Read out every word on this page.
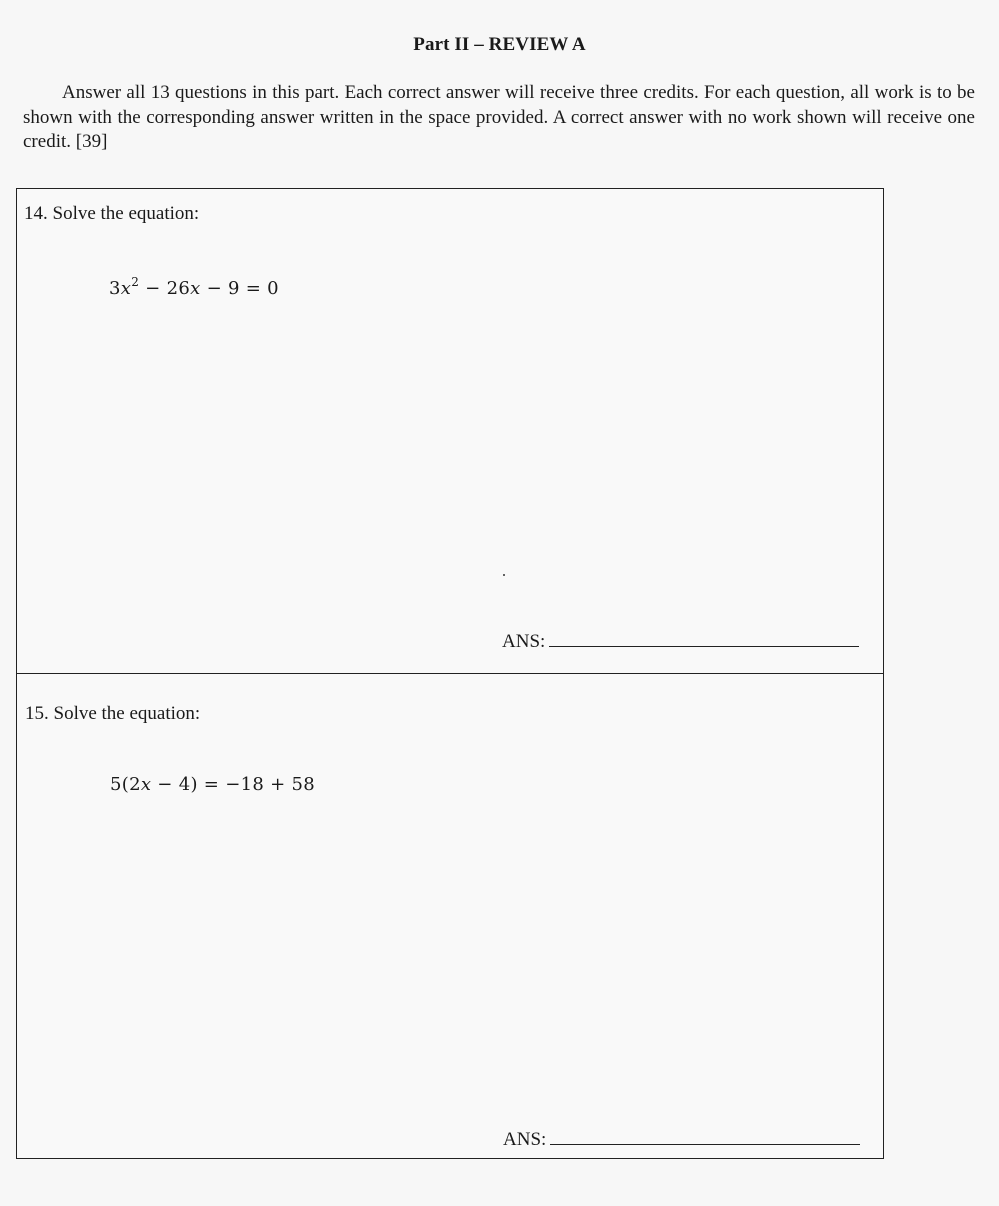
Part II – REVIEW A
Answer all 13 questions in this part. Each correct answer will receive three credits. For each question, all work is to be shown with the corresponding answer written in the space provided. A correct answer with no work shown will receive one credit. [39]
14. Solve the equation:
$3x^2 - 26x - 9 = 0$
ANS:
15. Solve the equation:
5(2x − 4) = −18 + 58
ANS:
